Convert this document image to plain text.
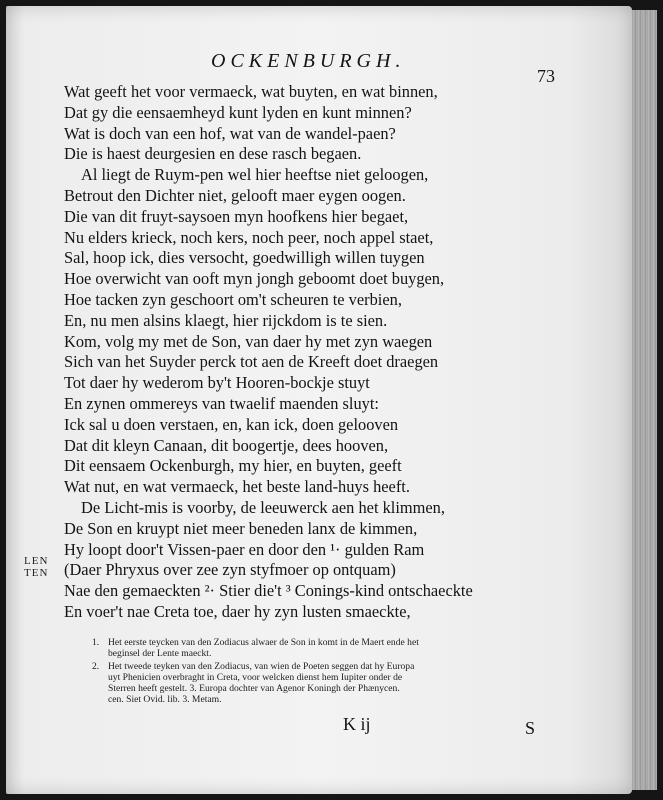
OCKENBURGH.
73
Wat geeft het voor vermaeck, wat buyten, en wat binnen,
Dat gy die eensaemheyd kunt lyden en kunt minnen?
Wat is doch van een hof, wat van de wandel-paen?
Die is haest deurgesien en dese rasch begaen.
Al liegt de Ruym-pen wel hier heeftse niet geloogen,
Betrout den Dichter niet, gelooft maer eygen oogen.
Die van dit fruyt-saysoen myn hoofkens hier begaet,
Nu elders krieck, noch kers, noch peer, noch appel staet,
Sal, hoop ick, dies versocht, goedwilligh willen tuygen
Hoe overwicht van ooft myn jongh geboomt doet buygen,
Hoe tacken zyn geschoort om't scheuren te verbien,
En, nu men alsins klaegt, hier rijckdom is te sien.
Kom, volg my met de Son, van daer hy met zyn waegen
Sich van het Suyder perck tot aen de Kreeft doet draegen
Tot daer hy wederom by't Hooren-bockje stuyt
En zynen ommereys van twaelif maenden sluyt:
Ick sal u doen verstaen, en, kan ick, doen gelooven
Dat dit kleyn Canaan, dit boogertje, dees hooven,
Dit eensaem Ockenburgh, my hier, en buyten, geeft
Wat nut, en wat vermaeck, het beste land-huys heeft.
De Licht-mis is voorby, de leeuwerck aen het klimmen,
De Son en kruypt niet meer beneden lanx de kimmen,
Hy loopt door't Vissen-paer en door den ¹· gulden Ram
(Daer Phryxus over zee zyn styfmoer op ontquam)
Nae den gemaeckten ²· Stier die't ³ Conings-kind ontschaeckte
En voer't nae Creta toe, daer hy zyn lusten smaeckte,
LEN
TEN
1. Het eerste teycken van den Zodiacus alwaer de Son in komt in de Maert ende het
beginsel der Lente maeckt.
2. Het tweede teyken van den Zodiacus, van wien de Poeten seggen dat hy Europa
uyt Phenicien overbraght in Creta, voor welcken dienst hem Iupiter onder de
Sterren heeft gestelt. 3. Europa dochter van Agenor Koningh der Phænycen.
cen. Siet Ovid. lib. 3. Metam.
K ij	S
